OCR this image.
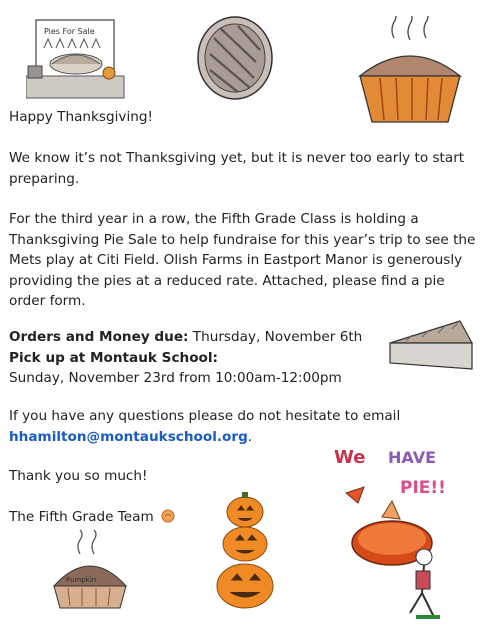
Pies For Sale

Happy Thanksgiving!

We know it’s not Thanksgiving yet, but it is never too early to start preparing.

For the third year in a row, the Fifth Grade Class is holding a Thanksgiving Pie Sale to help fundraise for this year’s trip to see the Mets play at Citi Field. Olish Farms in Eastport Manor is generously providing the pies at a reduced rate. Attached, please find a pie order form.

Orders and Money due: Thursday, November 6th

Pick up at Montauk School:

Sunday, November 23rd from 10:00am-12:00pm

If you have any questions please do not hesitate to email

hhamilton@montaukschool.org.

Thank you so much!

The Fifth Grade Team

We HAVE
PIE!!
Pumpkin
